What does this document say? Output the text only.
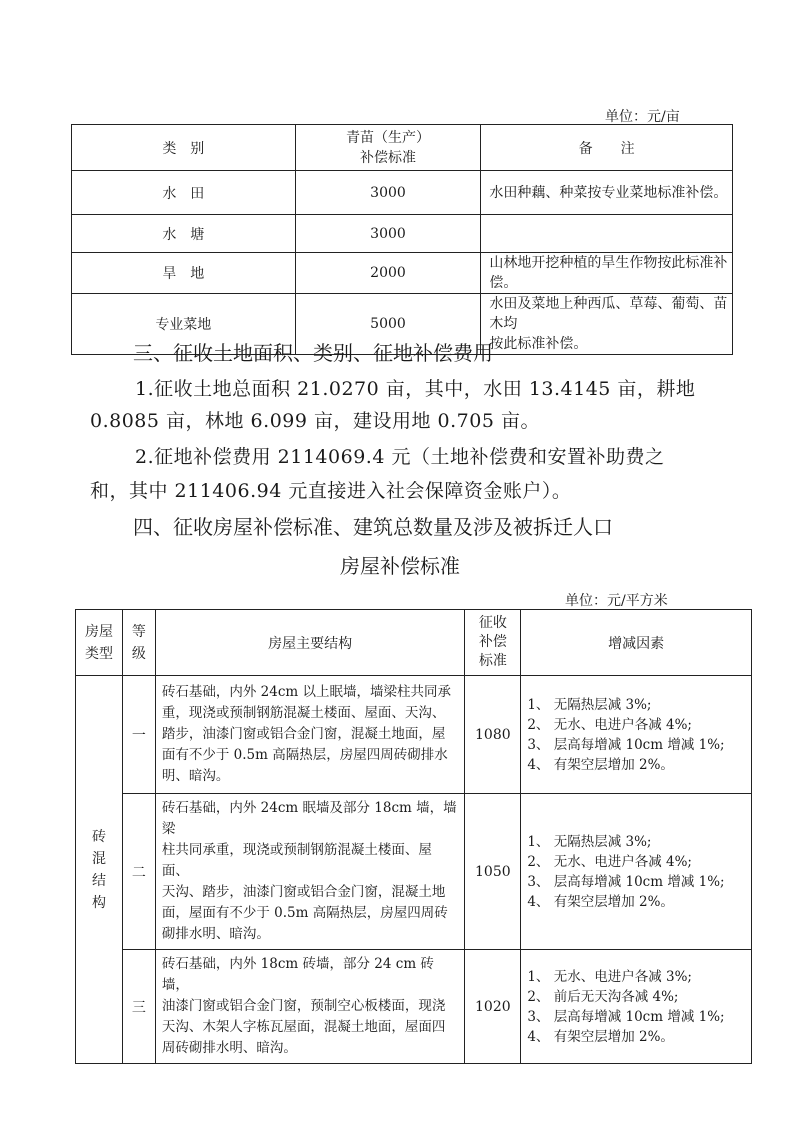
单位：元/亩
类　别	青苗（生产）
补偿标准	备　　注
水　田	3000	水田种藕、种菜按专业菜地标准补偿。
水　塘	3000	
旱　地	2000	山林地开挖种植的旱生作物按此标准补偿。
专业菜地	5000	水田及菜地上种西瓜、草莓、葡萄、苗木均
按此标准补偿。
三、征收土地面积、类别、征地补偿费用
1.征收土地总面积 21.0270 亩，其中，水田 13.4145 亩，耕地
0.8085 亩，林地 6.099 亩，建设用地 0.705 亩。
2.征地补偿费用 2114069.4 元（土地补偿费和安置补助费之
和，其中 211406.94 元直接进入社会保障资金账户）。
四、征收房屋补偿标准、建筑总数量及涉及被拆迁人口
房屋补偿标准
单位：元/平方米
房屋
类型	等
级	房屋主要结构	征收
补偿
标准	增减因素

砖
混
结
构	一	砖石基础，内外 24cm 以上眠墙，墙梁柱共同承
重，现浇或预制钢筋混凝土楼面、屋面、天沟、
踏步，油漆门窗或铝合金门窗，混凝土地面，屋
面有不少于 0.5m 高隔热层，房屋四周砖砌排水
明、暗沟。	1080	1、 无隔热层减 3%;
2、 无水、电进户各减 4%;
3、 层高每增减 10cm 增减 1%;
4、 有架空层增加 2%。
	二	砖石基础，内外 24cm 眠墙及部分 18cm 墙，墙梁
柱共同承重，现浇或预制钢筋混凝土楼面、屋面、
天沟、踏步，油漆门窗或铝合金门窗，混凝土地
面，屋面有不少于 0.5m 高隔热层，房屋四周砖
砌排水明、暗沟。	1050	1、 无隔热层减 3%;
2、 无水、电进户各减 4%;
3、 层高每增减 10cm 增减 1%;
4、 有架空层增加 2%。
	三	砖石基础，内外 18cm 砖墙，部分 24 cm 砖墙，
油漆门窗或铝合金门窗，预制空心板楼面，现浇
天沟、木架人字栋瓦屋面，混凝土地面，屋面四
周砖砌排水明、暗沟。	1020	1、 无水、电进户各减 3%;
2、 前后无天沟各减 4%;
3、 层高每增减 10cm 增减 1%;
4、 有架空层增加 2%。
